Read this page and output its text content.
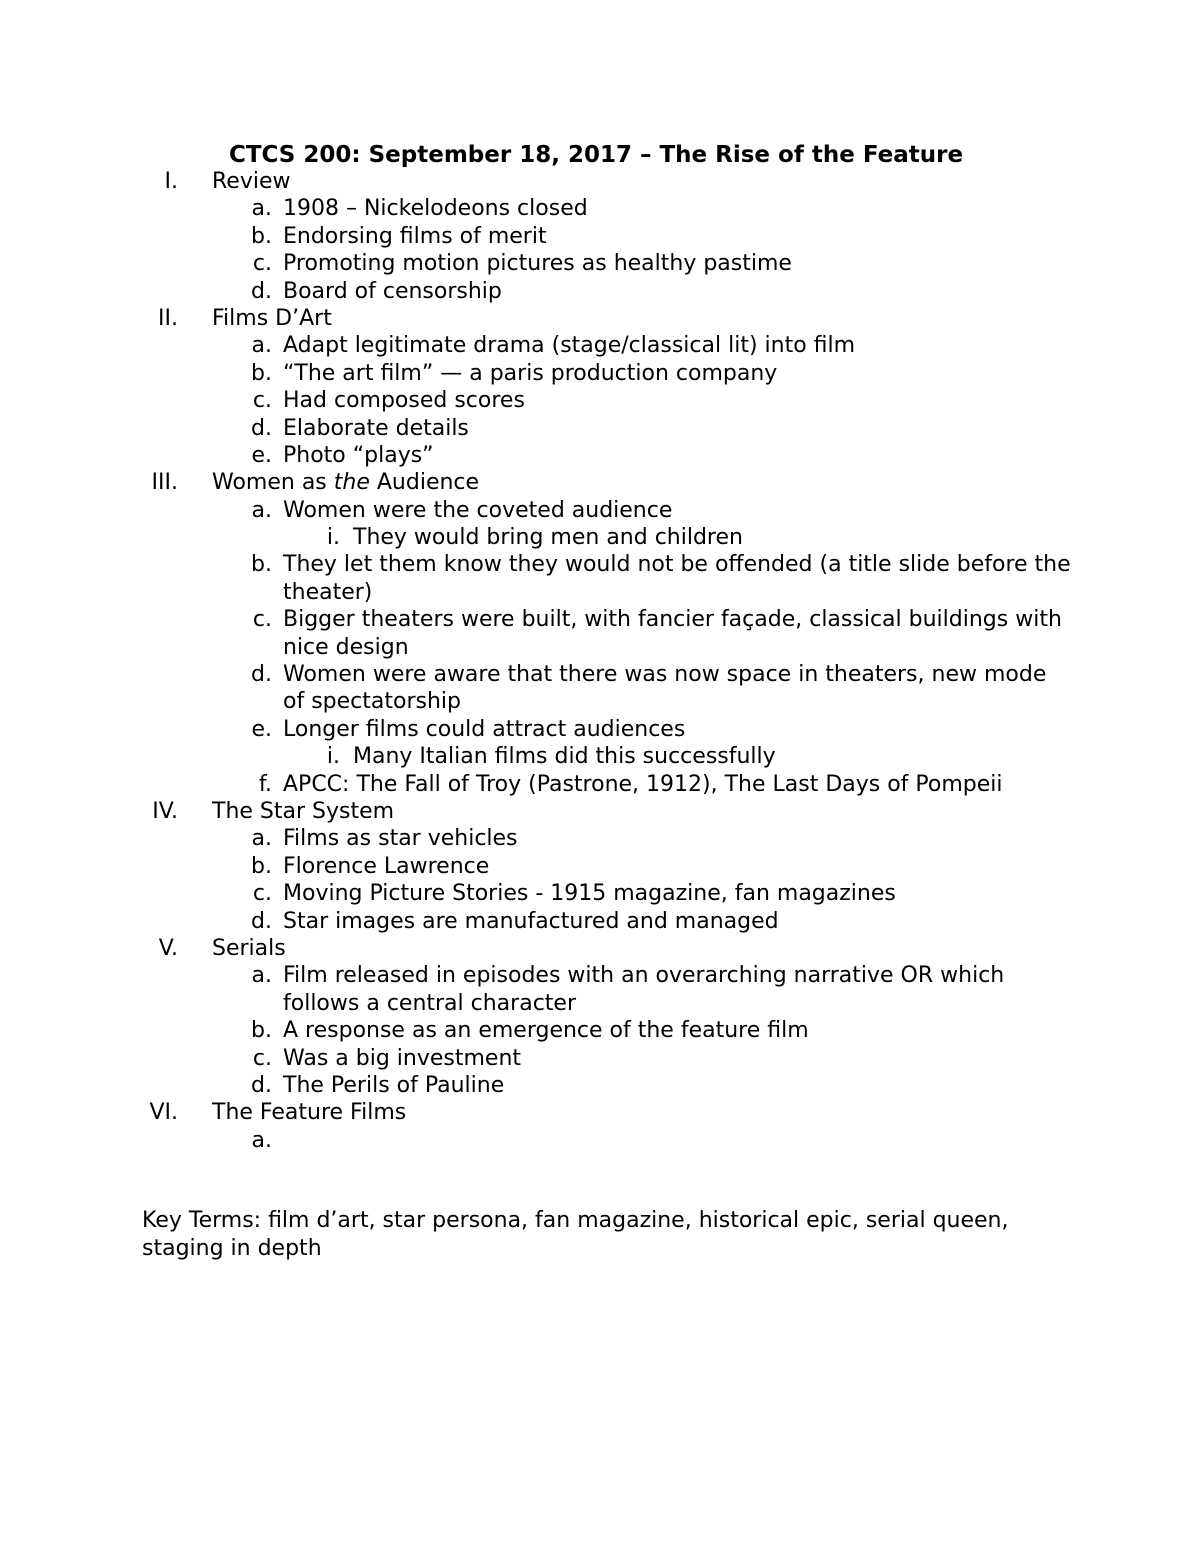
CTCS 200: September 18, 2017 – The Rise of the Feature
I. Review
a. 1908 – Nickelodeons closed
b. Endorsing films of merit
c. Promoting motion pictures as healthy pastime
d. Board of censorship
II. Films D’Art
a. Adapt legitimate drama (stage/classical lit) into film
b. “The art film” — a paris production company
c. Had composed scores
d. Elaborate details
e. Photo “plays”
III. Women as the Audience
a. Women were the coveted audience
i. They would bring men and children
b. They let them know they would not be offended (a title slide before the theater)
c. Bigger theaters were built, with fancier façade, classical buildings with nice design
d. Women were aware that there was now space in theaters, new mode of spectatorship
e. Longer films could attract audiences
i. Many Italian films did this successfully
f. APCC: The Fall of Troy (Pastrone, 1912), The Last Days of Pompeii
IV. The Star System
a. Films as star vehicles
b. Florence Lawrence
c. Moving Picture Stories - 1915 magazine, fan magazines
d. Star images are manufactured and managed
V. Serials
a. Film released in episodes with an overarching narrative OR which follows a central character
b. A response as an emergence of the feature film
c. Was a big investment
d. The Perils of Pauline
VI. The Feature Films
a.
Key Terms: film d’art, star persona, fan magazine, historical epic, serial queen, staging in depth
